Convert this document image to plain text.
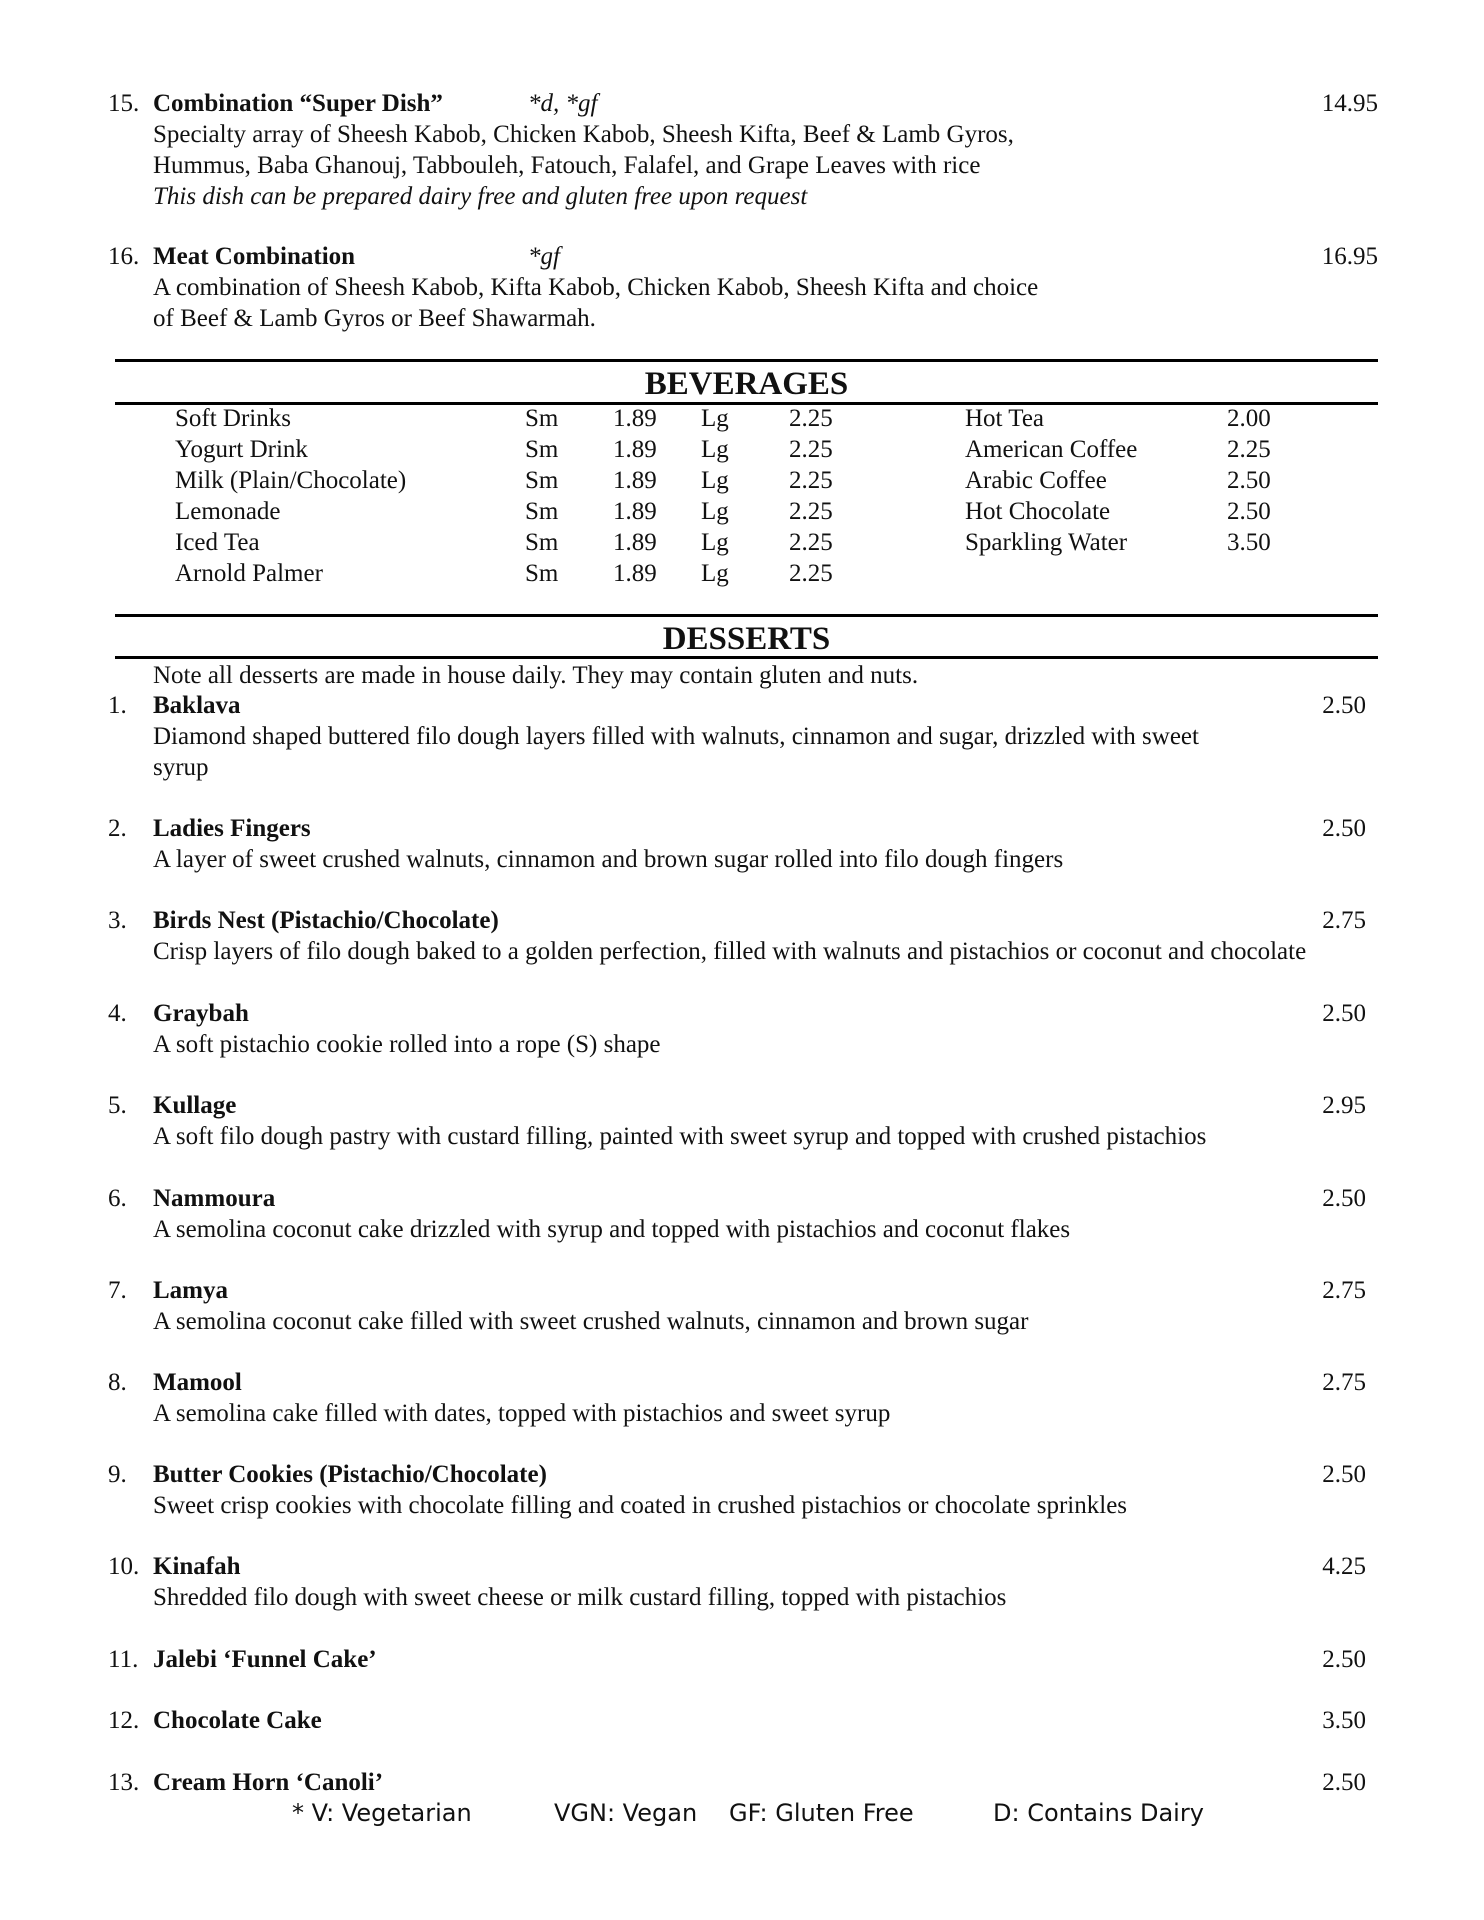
15. Combination “Super Dish”	*d, *gf	14.95
Specialty array of Sheesh Kabob, Chicken Kabob, Sheesh Kifta, Beef & Lamb Gyros, Hummus, Baba Ghanouj, Tabbouleh, Fatouch, Falafel, and Grape Leaves with rice
This dish can be prepared dairy free and gluten free upon request
16. Meat Combination	*gf	16.95
A combination of Sheesh Kabob, Kifta Kabob, Chicken Kabob, Sheesh Kifta and choice of Beef & Lamb Gyros or Beef Shawarmah.
BEVERAGES
Soft Drinks	Sm	1.89	Lg	2.25
Yogurt Drink	Sm	1.89	Lg	2.25
Milk (Plain/Chocolate)	Sm	1.89	Lg	2.25
Lemonade	Sm	1.89	Lg	2.25
Iced Tea	Sm	1.89	Lg	2.25
Arnold Palmer	Sm	1.89	Lg	2.25
Hot Tea	2.00
American Coffee	2.25
Arabic Coffee	2.50
Hot Chocolate	2.50
Sparkling Water	3.50
DESSERTS
Note all desserts are made in house daily. They may contain gluten and nuts.
1. Baklava	2.50
Diamond shaped buttered filo dough layers filled with walnuts, cinnamon and sugar, drizzled with sweet syrup
2. Ladies Fingers	2.50
A layer of sweet crushed walnuts, cinnamon and brown sugar rolled into filo dough fingers
3. Birds Nest (Pistachio/Chocolate)	2.75
Crisp layers of filo dough baked to a golden perfection, filled with walnuts and pistachios or coconut and chocolate
4. Graybah	2.50
A soft pistachio cookie rolled into a rope (S) shape
5. Kullage	2.95
A soft filo dough pastry with custard filling, painted with sweet syrup and topped with crushed pistachios
6. Nammoura	2.50
A semolina coconut cake drizzled with syrup and topped with pistachios and coconut flakes
7. Lamya	2.75
A semolina coconut cake filled with sweet crushed walnuts, cinnamon and brown sugar
8. Mamool	2.75
A semolina cake filled with dates, topped with pistachios and sweet syrup
9. Butter Cookies (Pistachio/Chocolate)	2.50
Sweet crisp cookies with chocolate filling and coated in crushed pistachios or chocolate sprinkles
10. Kinafah	4.25
Shredded filo dough with sweet cheese or milk custard filling, topped with pistachios
11. Jalebi ‘Funnel Cake’	2.50
12. Chocolate Cake	3.50
13. Cream Horn ‘Canoli’	2.50
* V: Vegetarian	VGN: Vegan GF: Gluten Free	D: Contains Dairy
